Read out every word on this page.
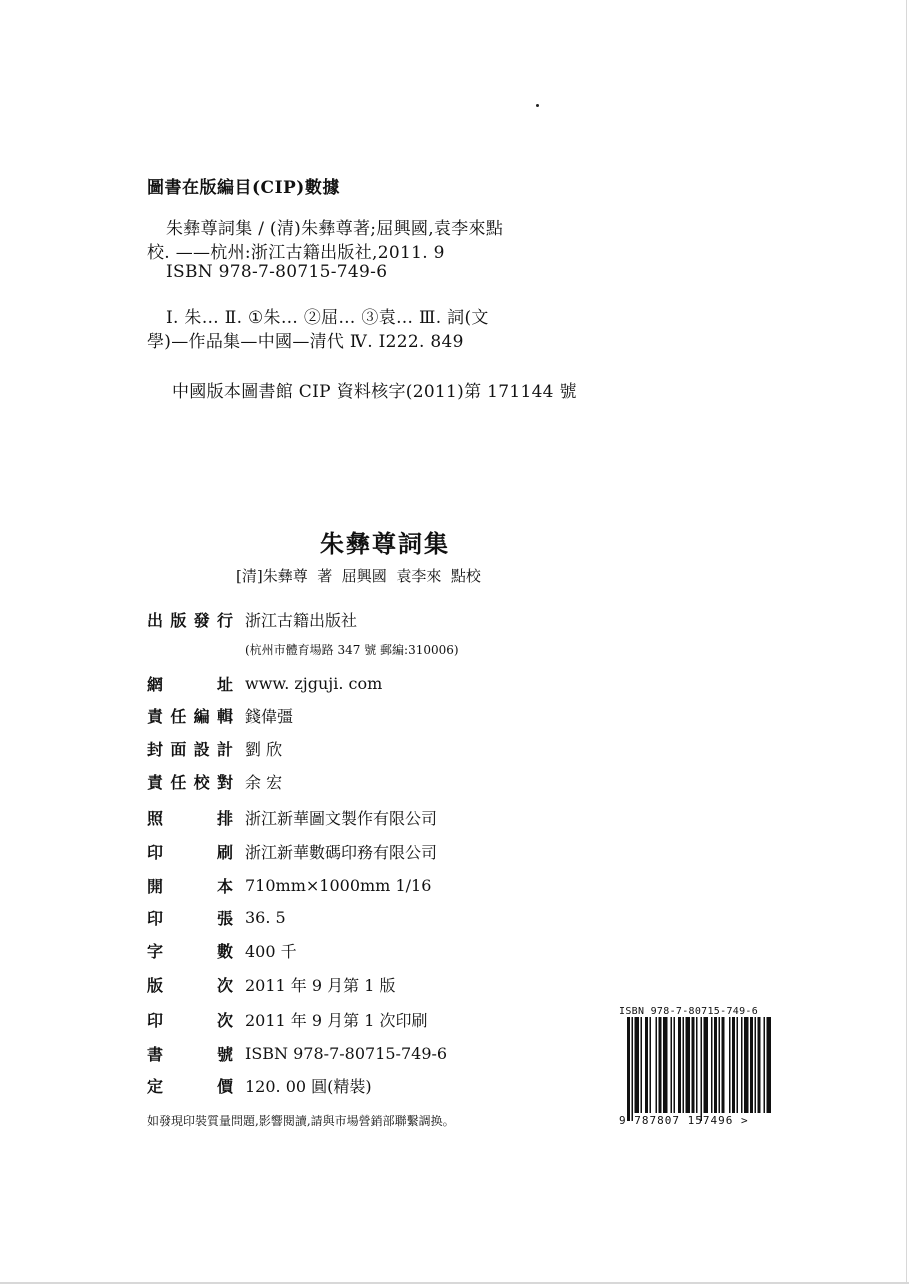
圖書在版編目(CIP)數據
朱彝尊詞集 / (清)朱彝尊著;屈興國,袁李來點
校. ——杭州:浙江古籍出版社,2011. 9
ISBN 978-7-80715-749-6
Ⅰ. 朱… Ⅱ. ①朱… ②屈… ③袁… Ⅲ. 詞(文
學)—作品集—中國—清代 Ⅳ. I222. 849
中國版本圖書館 CIP 資料核字(2011)第 171144 號
朱彝尊詞集
[清]朱彝尊  著  屈興國  袁李來  點校
出版發行 浙江古籍出版社
(杭州市體育場路 347 號 郵編:310006)
網 址 www. zjguji. com
責任編輯 錢偉彊
封面設計 劉 欣
責任校對 余 宏
照 排 浙江新華圖文製作有限公司
印 刷 浙江新華數碼印務有限公司
開 本 710mm×1000mm 1/16
印 張 36. 5
字 數 400 千
版 次 2011 年 9 月第 1 版
印 次 2011 年 9 月第 1 次印刷
書 號 ISBN 978-7-80715-749-6
定 價 120. 00 圓(精裝)
如發現印裝質量問題,影響閱讀,請與市場營銷部聯繫調换。
ISBN 978-7-80715-749-6
9 787807 157496 >
